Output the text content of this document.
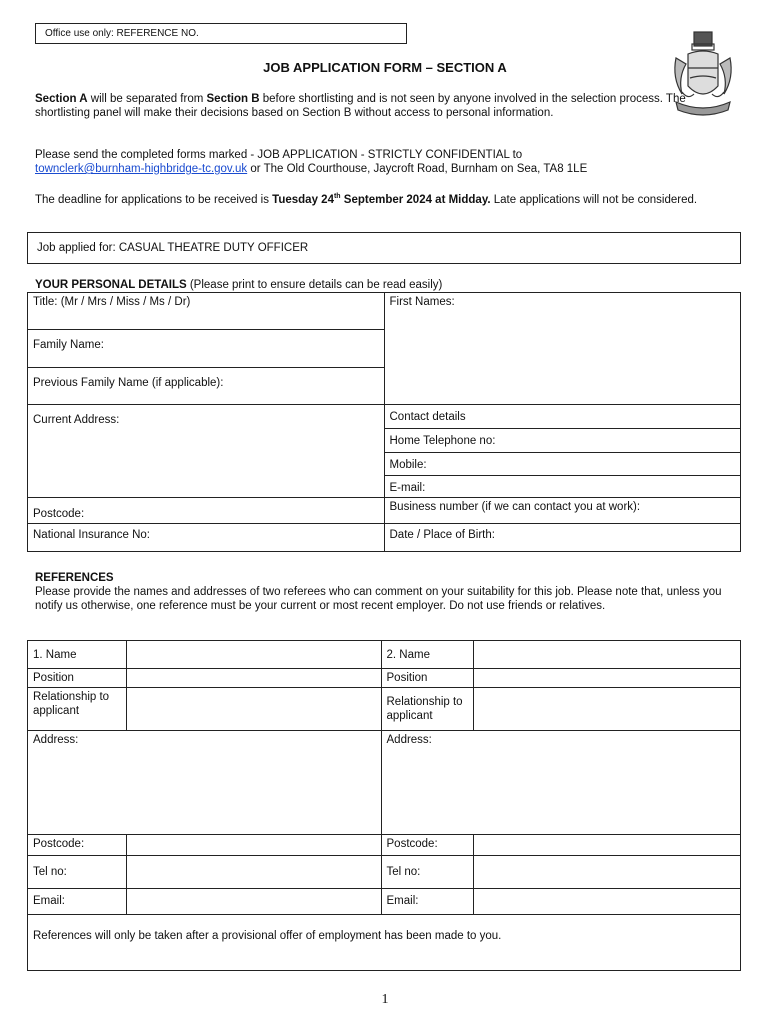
Office use only: REFERENCE NO.
JOB APPLICATION FORM – SECTION A
Section A will be separated from Section B before shortlisting and is not seen by anyone involved in the selection process. The shortlisting panel will make their decisions based on Section B without access to personal information.
Please send the completed forms marked - JOB APPLICATION - STRICTLY CONFIDENTIAL to
townclerk@burnham-highbridge-tc.gov.uk or The Old Courthouse, Jaycroft Road, Burnham on Sea, TA8 1LE
The deadline for applications to be received is Tuesday 24th September 2024 at Midday. Late applications will not be considered.
Job applied for: CASUAL THEATRE DUTY OFFICER
YOUR PERSONAL DETAILS (Please print to ensure details can be read easily)
Title: (Mr / Mrs / Miss / Ms / Dr)	First Names:
Family Name:	
Previous Family Name (if applicable):	
Current Address:	Contact details
	Home Telephone no:
	Mobile:
	E-mail:
Postcode:	Business number (if we can contact you at work):
National Insurance No:	Date / Place of Birth:
REFERENCES
Please provide the names and addresses of two referees who can comment on your suitability for this job. Please note that, unless you notify us otherwise, one reference must be your current or most recent employer. Do not use friends or relatives.
1. Name		2. Name	
Position		Position	
Relationship to applicant		Relationship to applicant	
Address:		Address:	
Postcode:		Postcode:	
Tel no:		Tel no:	
Email:		Email:	
References will only be taken after a provisional offer of employment has been made to you.			
1
